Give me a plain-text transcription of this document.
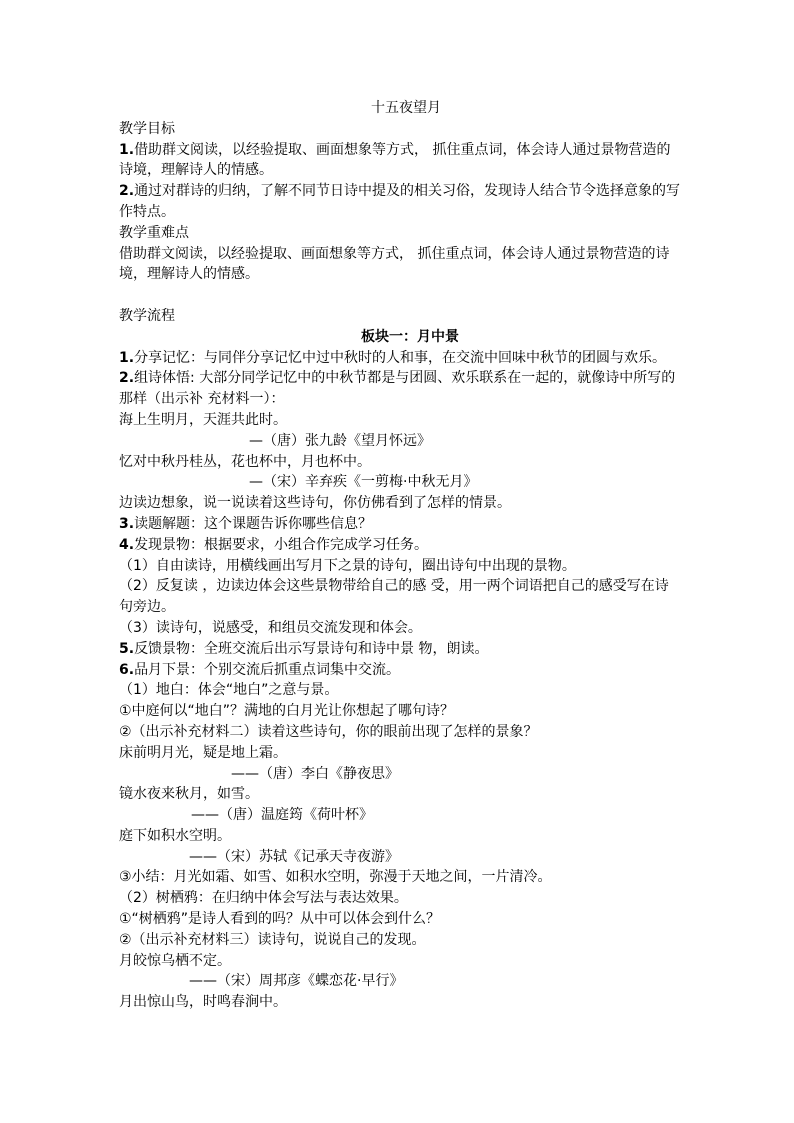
十五夜望月

教学目标

1.借助群文阅读，以经验提取、画面想象等方式， 抓住重点词，体会诗人通过景物营造的

诗境，理解诗人的情感。

2.通过对群诗的归纳，了解不同节日诗中提及的相关习俗，发现诗人结合节令选择意象的写

作特点。

教学重难点

借助群文阅读，以经验提取、画面想象等方式， 抓住重点词，体会诗人通过景物营造的诗

境，理解诗人的情感。

教学流程

板块一：月中景

1.分享记忆：与同伴分享记忆中过中秋时的人和事，在交流中回味中秋节的团圆与欢乐。

2.组诗体悟: 大部分同学记忆中的中秋节都是与团圆、欢乐联系在一起的，就像诗中所写的

那样（出示补 充材料一）：

海上生明月，天涯共此时。

—（唐）张九龄《望月怀远》

忆对中秋丹桂丛，花也杯中，月也杯中。

—（宋）辛弃疾《一剪梅·中秋无月》

边读边想象，说一说读着这些诗句，你仿佛看到了怎样的情景。

3.读题解题：这个课题告诉你哪些信息？

4.发现景物：根据要求，小组合作完成学习任务。

（1）自由读诗，用横线画出写月下之景的诗句，圈出诗句中出现的景物。

（2）反复读 ，边读边体会这些景物带给自己的感 受，用一两个词语把自己的感受写在诗

句旁边。

（3）读诗句，说感受，和组员交流发现和体会。

5.反馈景物：全班交流后出示写景诗句和诗中景 物，朗读。

6.品月下景：个别交流后抓重点词集中交流。

（1）地白：体会“地白”之意与景。

①中庭何以“地白”？满地的白月光让你想起了哪句诗？

②（出示补充材料二）读着这些诗句，你的眼前出现了怎样的景象？

床前明月光，疑是地上霜。

——（唐）李白《静夜思》

镜水夜来秋月，如雪。

——（唐）温庭筠《荷叶杯》

庭下如积水空明。

——（宋）苏轼《记承天寺夜游》

③小结：月光如霜、如雪、如积水空明，弥漫于天地之间，一片清冷。

（2）树栖鸦：在归纳中体会写法与表达效果。

①“树栖鸦”是诗人看到的吗？从中可以体会到什么？

②（出示补充材料三）读诗句，说说自己的发现。

月皎惊乌栖不定。

——（宋）周邦彦《蝶恋花·早行》

月出惊山鸟，时鸣春涧中。
